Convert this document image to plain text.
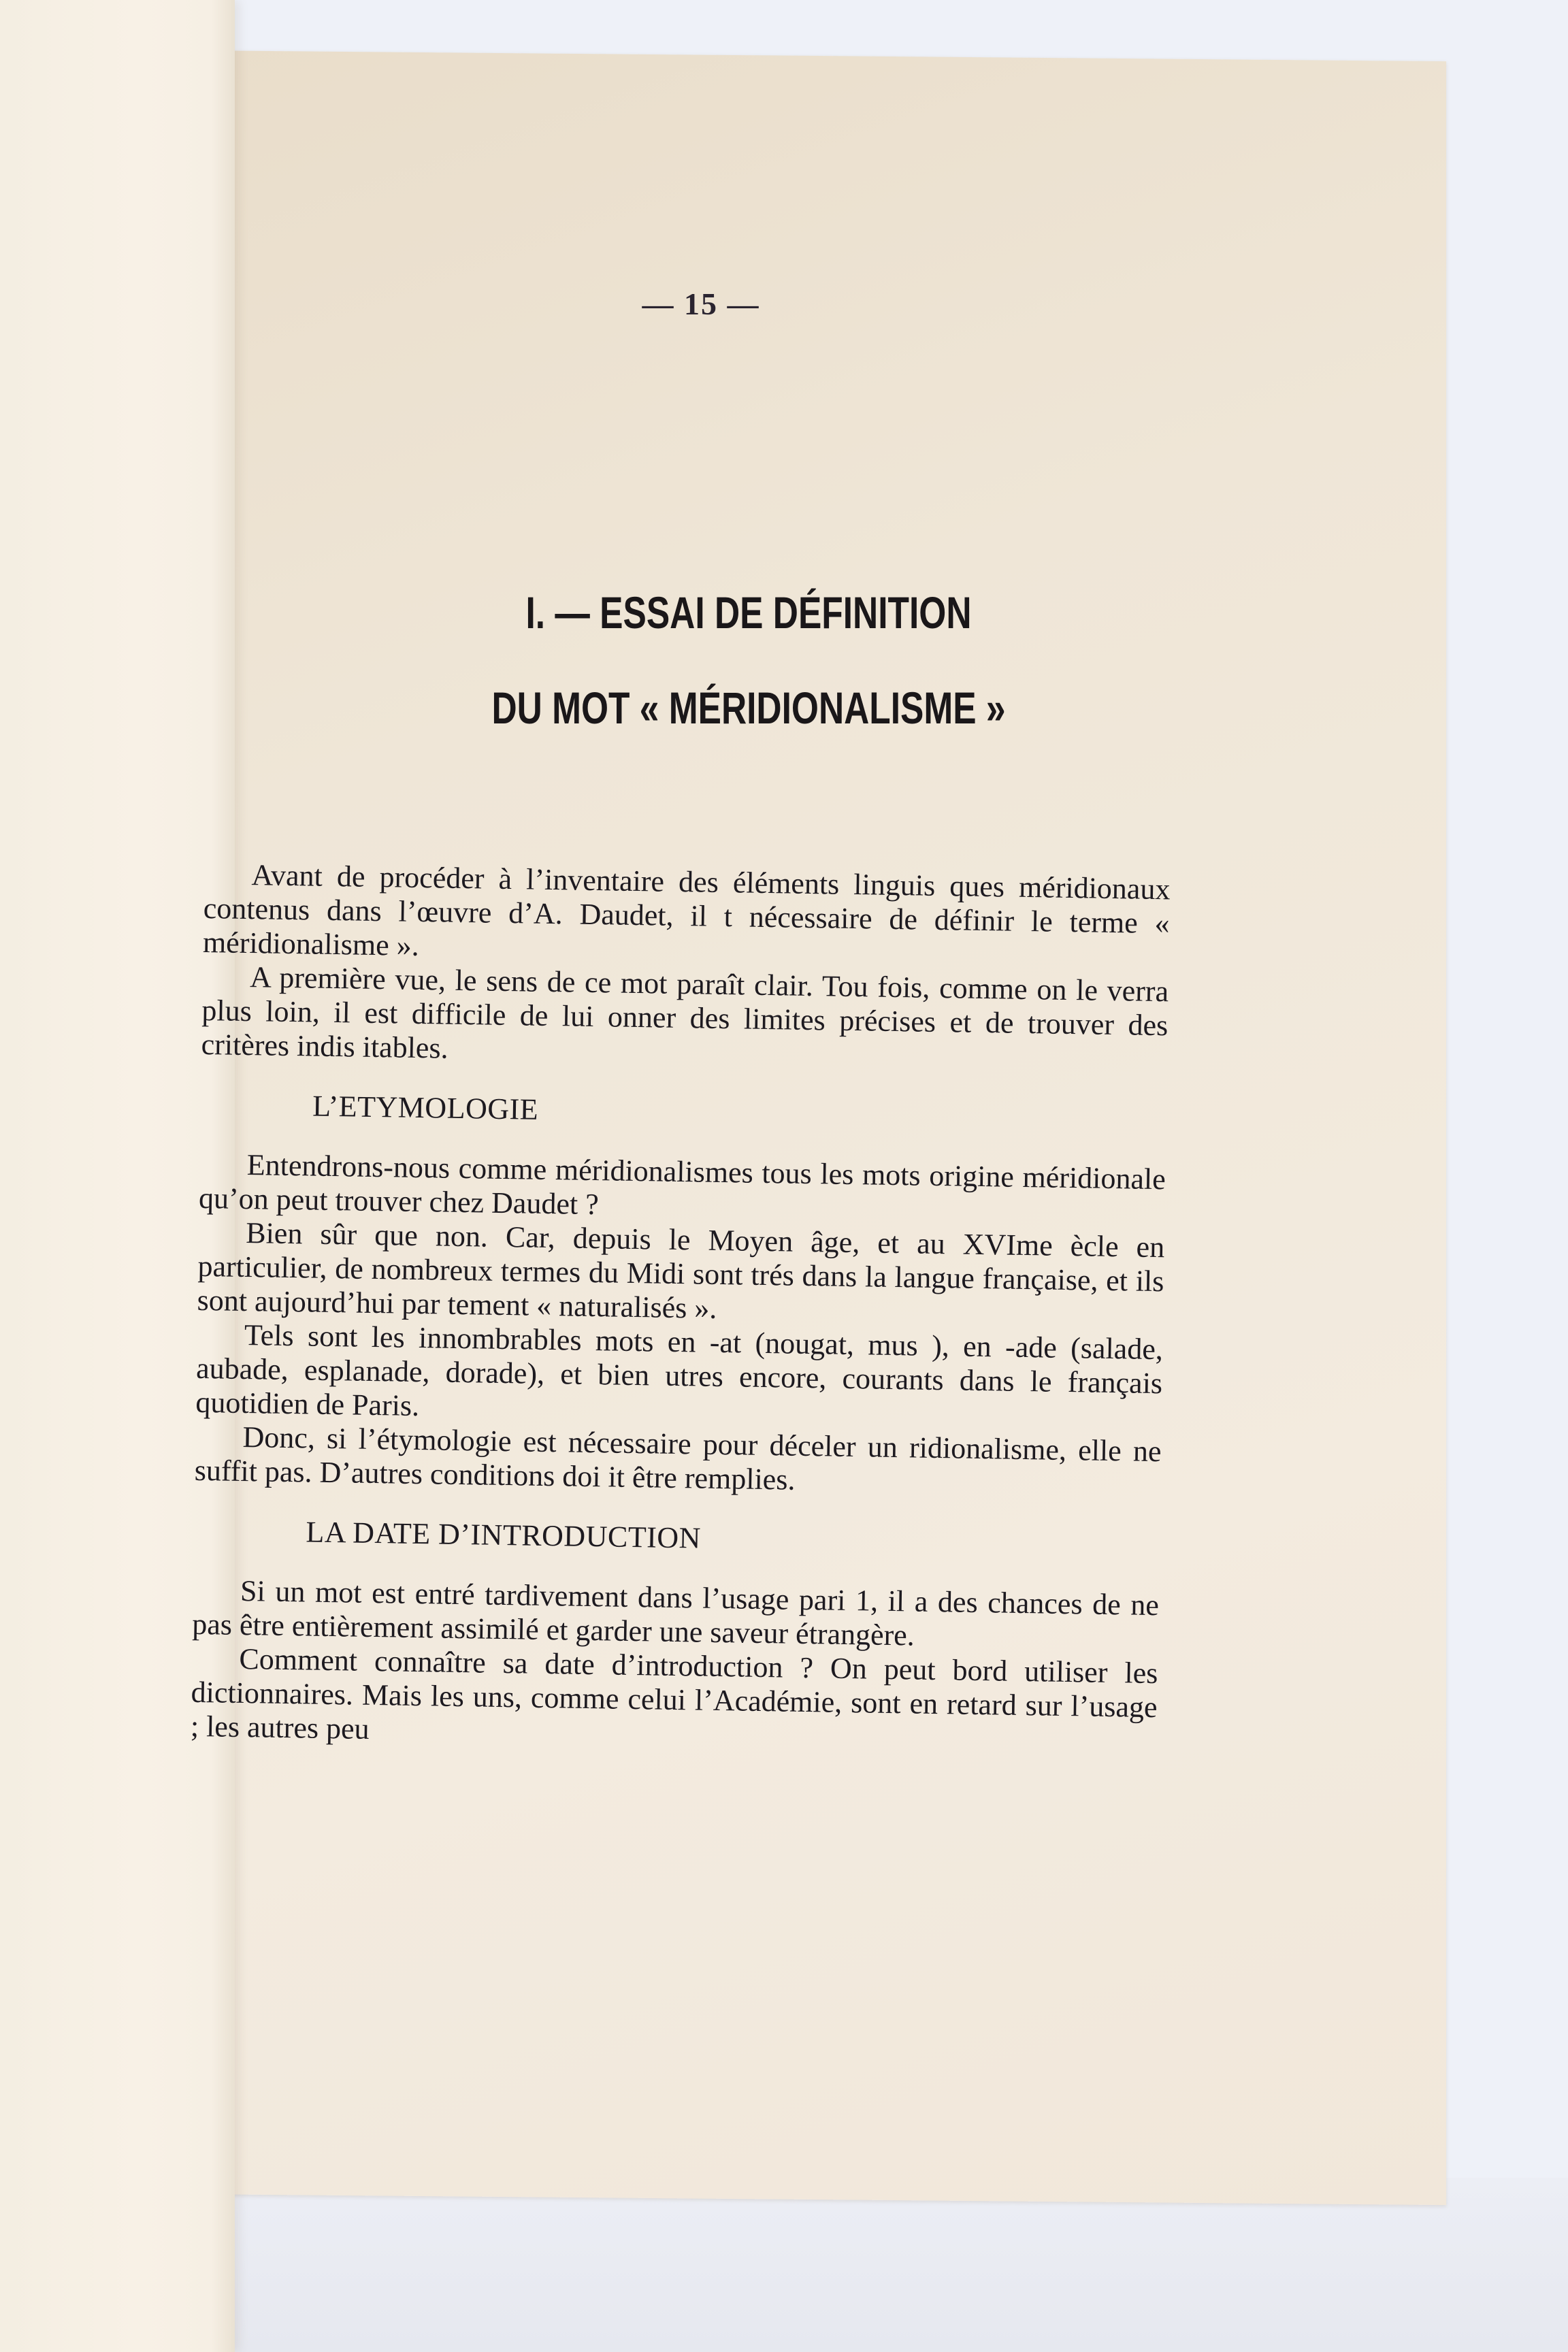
— 15 —
I. — ESSAI DE DÉFINITION
DU MOT « MÉRIDIONALISME »

Avant de procéder à l’inventaire des éléments linguis ques méridionaux contenus dans l’œuvre d’A. Daudet, il t nécessaire de définir le terme « méridionalisme ».

A première vue, le sens de ce mot paraît clair. Tou fois, comme on le verra plus loin, il est difficile de lui onner des limites précises et de trouver des critères indis itables.

L’ETYMOLOGIE

Entendrons-nous comme méridionalismes tous les mots origine méridionale qu’on peut trouver chez Daudet ?

Bien sûr que non. Car, depuis le Moyen âge, et au XVIme ècle en particulier, de nombreux termes du Midi sont trés dans la langue française, et ils sont aujourd’hui par tement « naturalisés ».

Tels sont les innombrables mots en -at (nougat, mus ), en -ade (salade, aubade, esplanade, dorade), et bien utres encore, courants dans le français quotidien de Paris.

Donc, si l’étymologie est nécessaire pour déceler un ridionalisme, elle ne suffit pas. D’autres conditions doi it être remplies.

LA DATE D’INTRODUCTION

Si un mot est entré tardivement dans l’usage pari 1, il a des chances de ne pas être entièrement assimilé et garder une saveur étrangère.

Comment connaître sa date d’introduction ? On peut bord utiliser les dictionnaires. Mais les uns, comme celui l’Académie, sont en retard sur l’usage ; les autres peu
